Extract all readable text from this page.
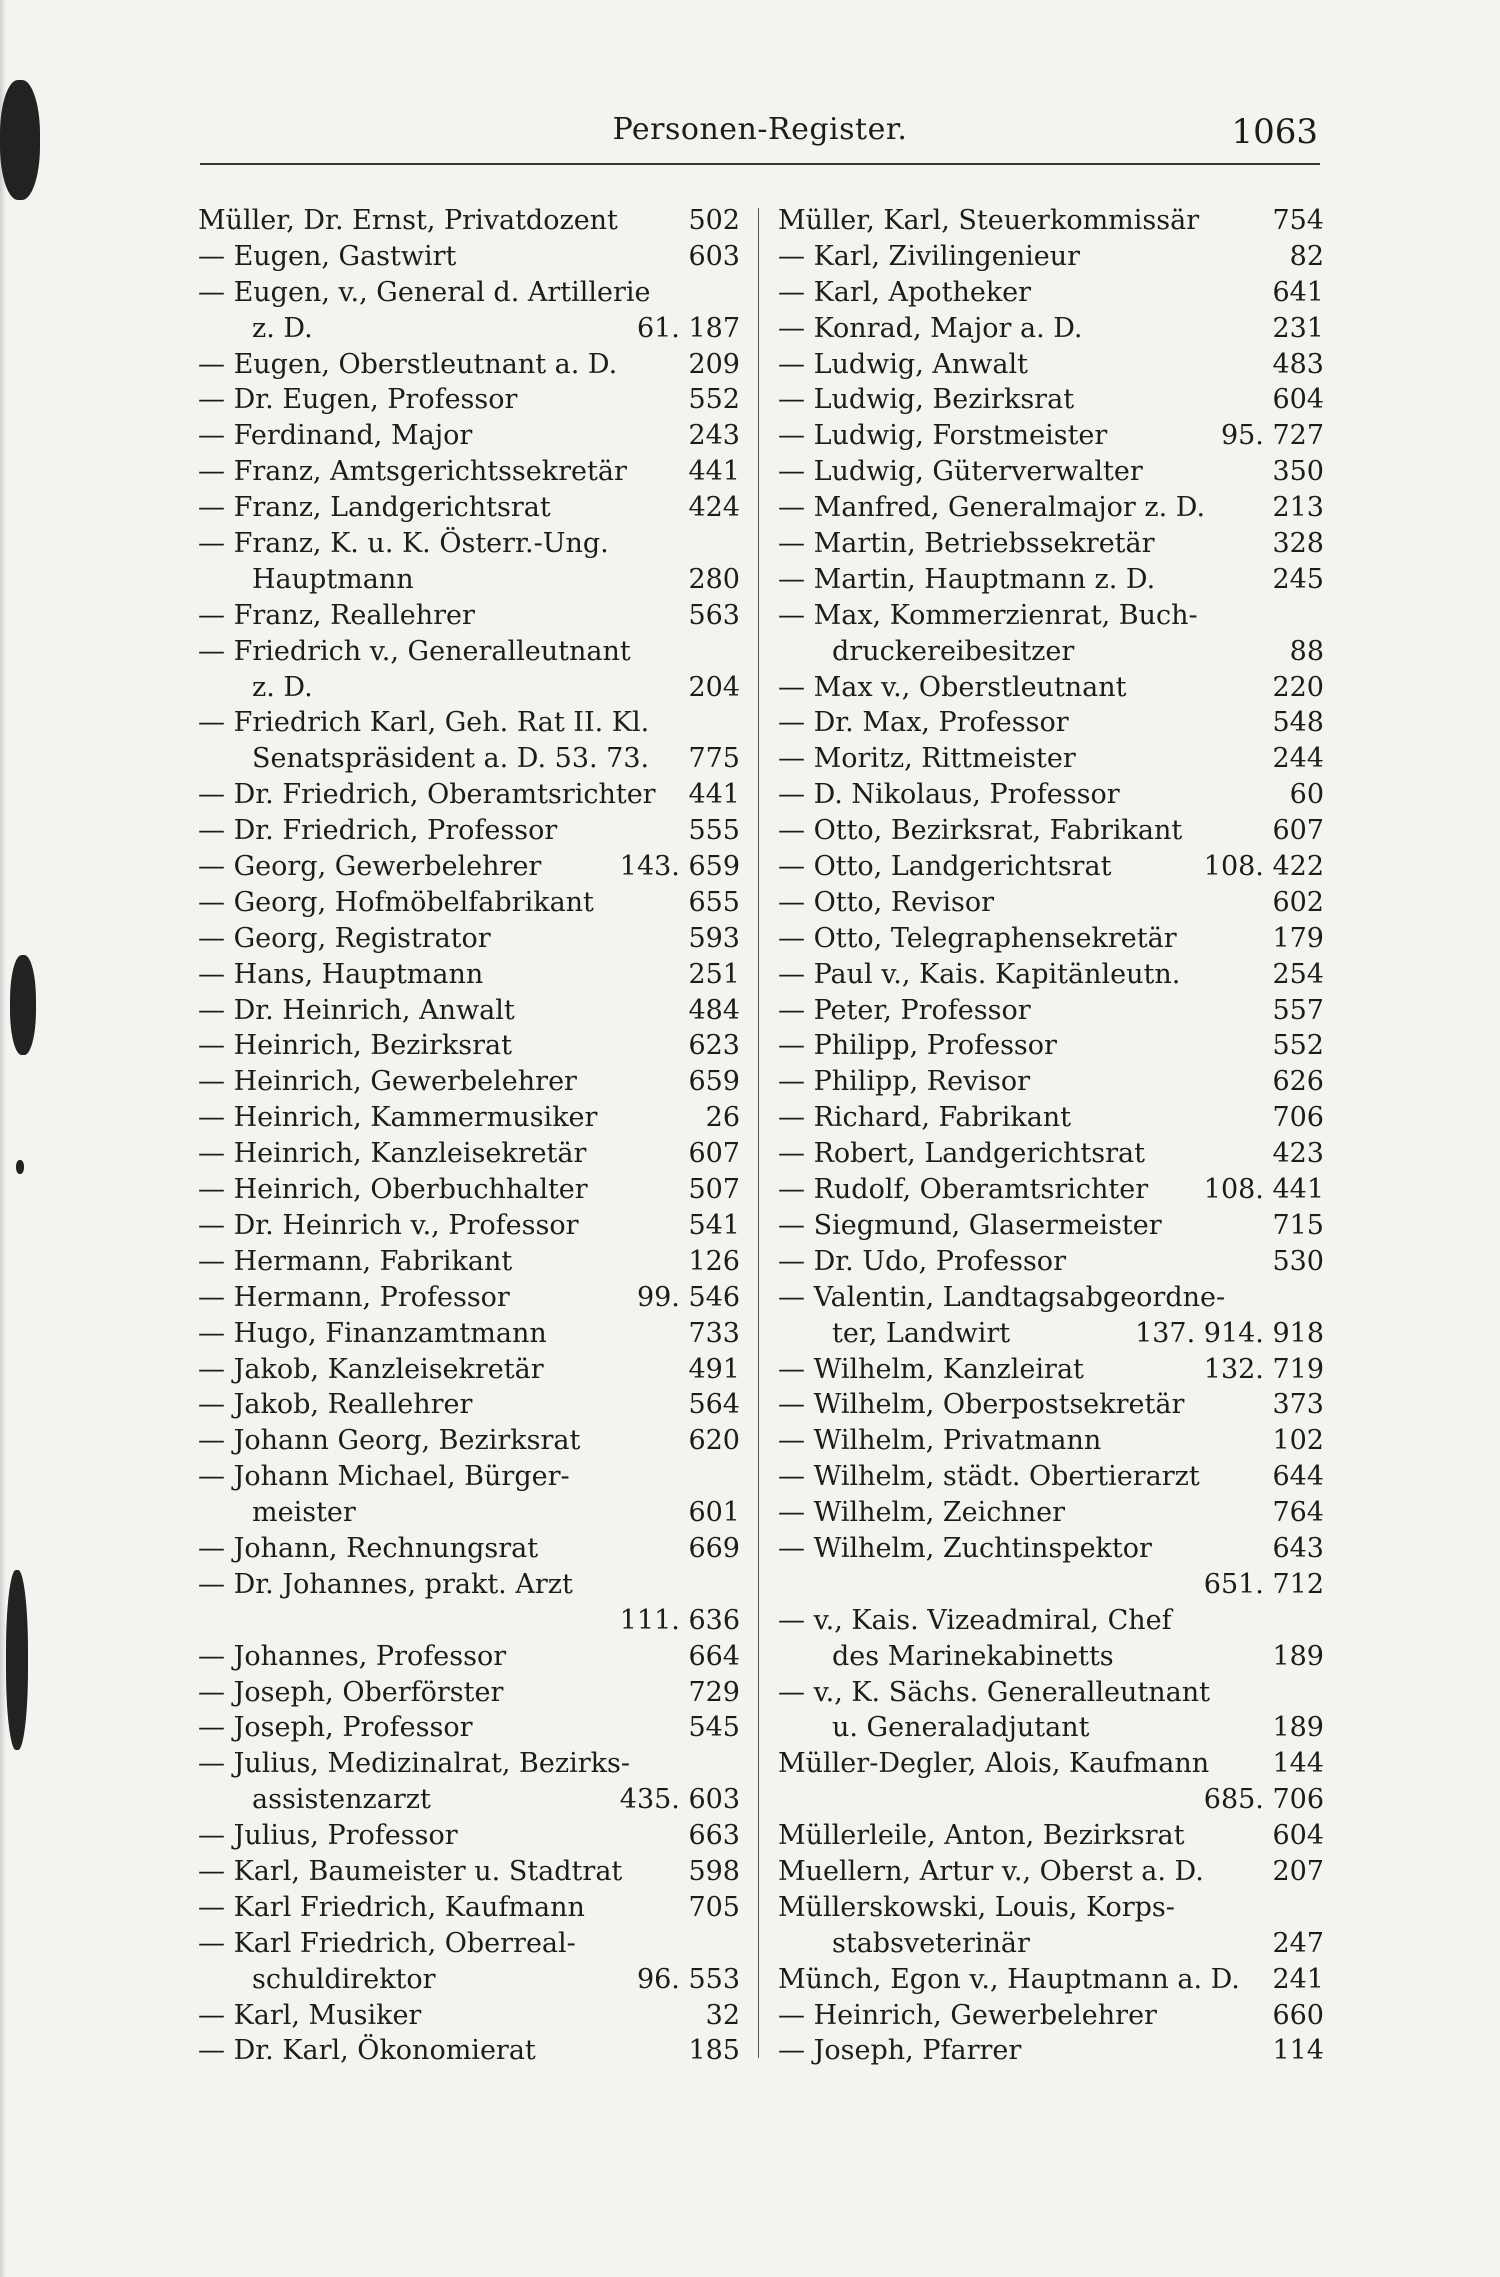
Personen-Register.	1063
Müller, Dr. Ernst, Privatdozent	502
— Eugen, Gastwirt	603
— Eugen, v., General d. Artillerie
z. D.	61. 187
— Eugen, Oberstleutnant a. D.	209
— Dr. Eugen, Professor	552
— Ferdinand, Major	243
— Franz, Amtsgerichtssekretär	441
— Franz, Landgerichtsrat	424
— Franz, K. u. K. Österr.-Ung.
Hauptmann	280
— Franz, Reallehrer	563
— Friedrich v., Generalleutnant
z. D.	204
— Friedrich Karl, Geh. Rat II. Kl.
Senatspräsident a. D. 53. 73.	775
— Dr. Friedrich, Oberamtsrichter	441
— Dr. Friedrich, Professor	555
— Georg, Gewerbelehrer	143. 659
— Georg, Hofmöbelfabrikant	655
— Georg, Registrator	593
— Hans, Hauptmann	251
— Dr. Heinrich, Anwalt	484
— Heinrich, Bezirksrat	623
— Heinrich, Gewerbelehrer	659
— Heinrich, Kammermusiker	26
— Heinrich, Kanzleisekretär	607
— Heinrich, Oberbuchhalter	507
— Dr. Heinrich v., Professor	541
— Hermann, Fabrikant	126
— Hermann, Professor	99. 546
— Hugo, Finanzamtmann	733
— Jakob, Kanzleisekretär	491
— Jakob, Reallehrer	564
— Johann Georg, Bezirksrat	620
— Johann Michael, Bürger-
meister	601
— Johann, Rechnungsrat	669
— Dr. Johannes, prakt. Arzt
111. 636
— Johannes, Professor	664
— Joseph, Oberförster	729
— Joseph, Professor	545
— Julius, Medizinalrat, Bezirks-
assistenzarzt	435. 603
— Julius, Professor	663
— Karl, Baumeister u. Stadtrat	598
— Karl Friedrich, Kaufmann	705
— Karl Friedrich, Oberreal-
schuldirektor	96. 553
— Karl, Musiker	32
— Dr. Karl, Ökonomierat	185
Müller, Karl, Steuerkommissär	754
— Karl, Zivilingenieur	82
— Karl, Apotheker	641
— Konrad, Major a. D.	231
— Ludwig, Anwalt	483
— Ludwig, Bezirksrat	604
— Ludwig, Forstmeister	95. 727
— Ludwig, Güterverwalter	350
— Manfred, Generalmajor z. D.	213
— Martin, Betriebssekretär	328
— Martin, Hauptmann z. D.	245
— Max, Kommerzienrat, Buch-
druckereibesitzer	88
— Max v., Oberstleutnant	220
— Dr. Max, Professor	548
— Moritz, Rittmeister	244
— D. Nikolaus, Professor	60
— Otto, Bezirksrat, Fabrikant	607
— Otto, Landgerichtsrat	108. 422
— Otto, Revisor	602
— Otto, Telegraphensekretär	179
— Paul v., Kais. Kapitänleutn.	254
— Peter, Professor	557
— Philipp, Professor	552
— Philipp, Revisor	626
— Richard, Fabrikant	706
— Robert, Landgerichtsrat	423
— Rudolf, Oberamtsrichter	108. 441
— Siegmund, Glasermeister	715
— Dr. Udo, Professor	530
— Valentin, Landtagsabgeordne-
ter, Landwirt	137. 914. 918
— Wilhelm, Kanzleirat	132. 719
— Wilhelm, Oberpostsekretär	373
— Wilhelm, Privatmann	102
— Wilhelm, städt. Obertierarzt	644
— Wilhelm, Zeichner	764
— Wilhelm, Zuchtinspektor	643
651. 712
— v., Kais. Vizeadmiral, Chef
des Marinekabinetts	189
— v., K. Sächs. Generalleutnant
u. Generaladjutant	189
Müller-Degler, Alois, Kaufmann	144
685. 706
Müllerleile, Anton, Bezirksrat	604
Muellern, Artur v., Oberst a. D.	207
Müllerskowski, Louis, Korps-
stabsveterinär	247
Münch, Egon v., Hauptmann a. D.	241
— Heinrich, Gewerbelehrer	660
— Joseph, Pfarrer	114
